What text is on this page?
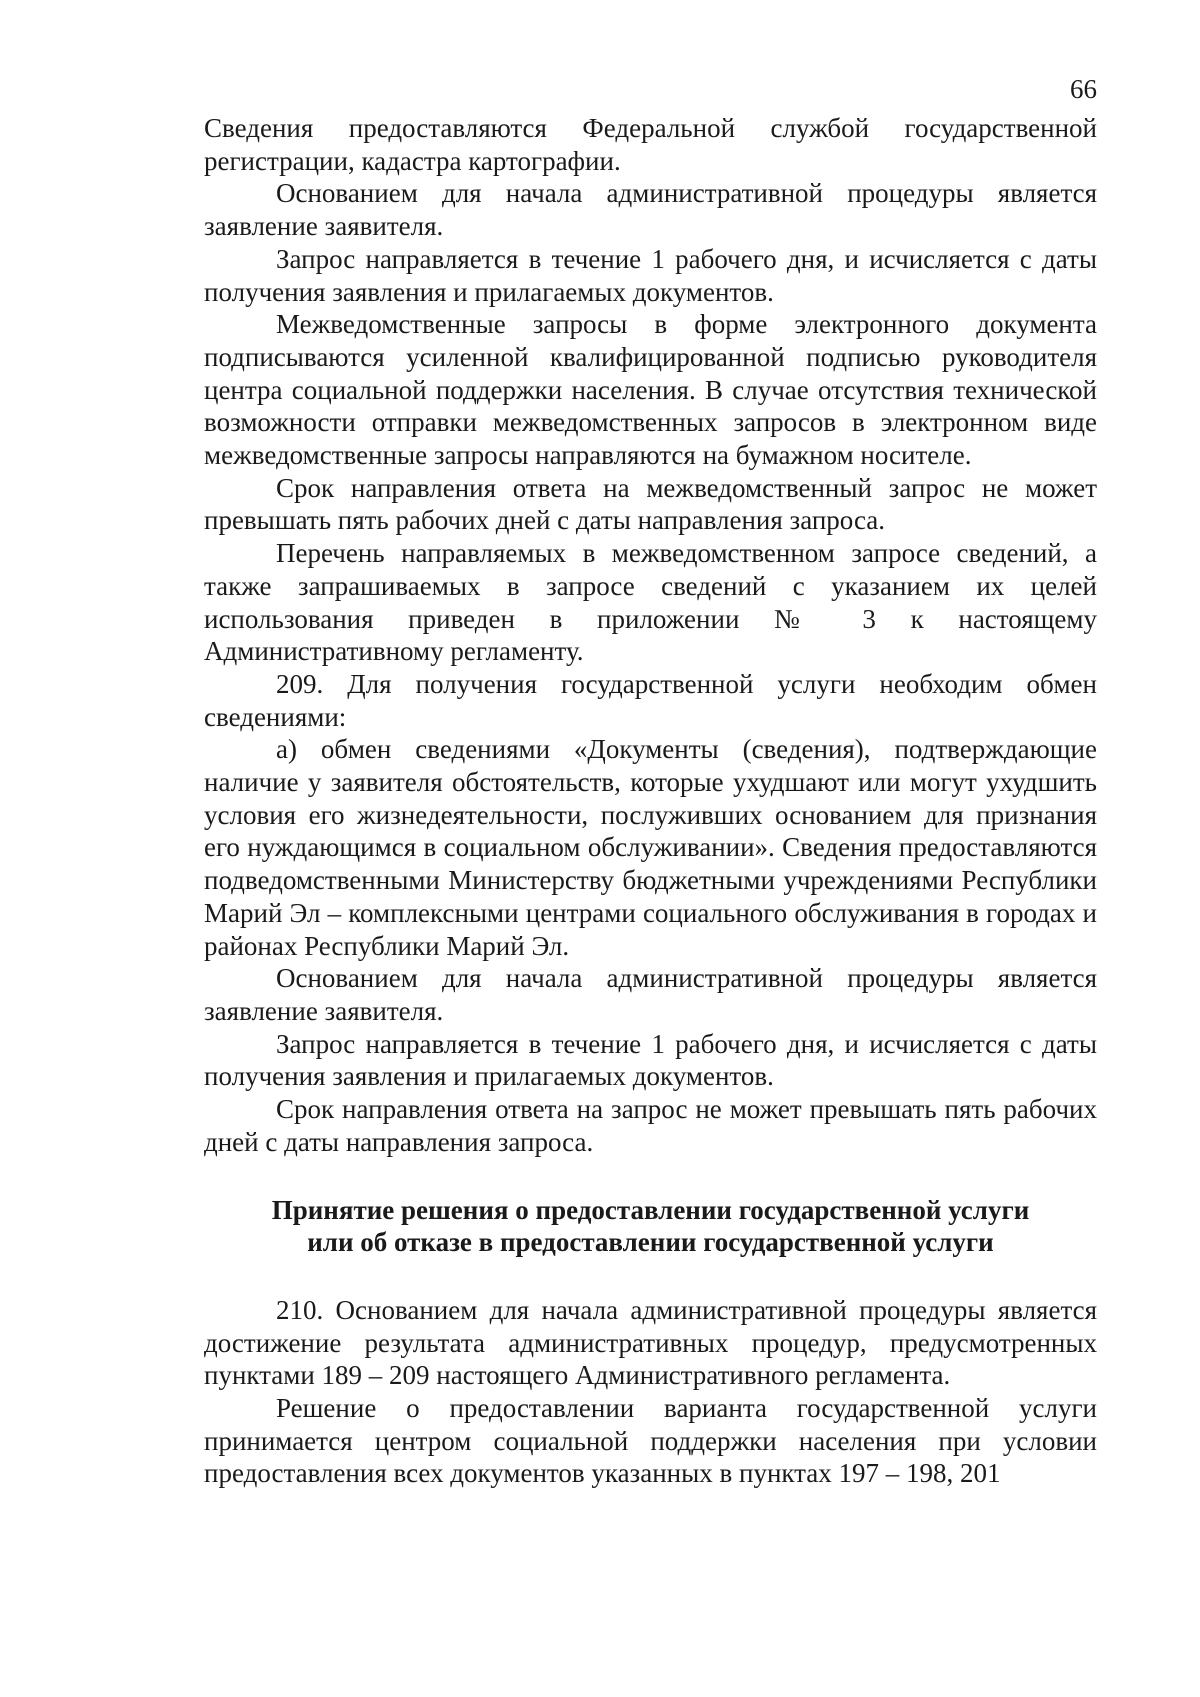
66

Сведения предоставляются Федеральной службой государственной регистрации, кадастра картографии.

Основанием для начала административной процедуры является заявление заявителя.

Запрос направляется в течение 1 рабочего дня, и исчисляется с даты получения заявления и прилагаемых документов.

Межведомственные запросы в форме электронного документа подписываются усиленной квалифицированной подписью руководителя центра социальной поддержки населения. В случае отсутствия технической возможности отправки межведомственных запросов в электронном виде межведомственные запросы направляются на бумажном носителе.

Срок направления ответа на межведомственный запрос не может превышать пять рабочих дней с даты направления запроса.

Перечень направляемых в межведомственном запросе сведений, а также запрашиваемых в запросе сведений с указанием их целей использования приведен в приложении № 3 к настоящему Административному регламенту.

209. Для получения государственной услуги необходим обмен сведениями:

а) обмен сведениями «Документы (сведения), подтверждающие наличие у заявителя обстоятельств, которые ухудшают или могут ухудшить условия его жизнедеятельности, послуживших основанием для признания его нуждающимся в социальном обслуживании». Сведения предоставляются подведомственными Министерству бюджетными учреждениями Республики Марий Эл – комплексными центрами социального обслуживания в городах и районах Республики Марий Эл.

Основанием для начала административной процедуры является заявление заявителя.

Запрос направляется в течение 1 рабочего дня, и исчисляется с даты получения заявления и прилагаемых документов.

Срок направления ответа на запрос не может превышать пять рабочих дней с даты направления запроса.

Принятие решения о предоставлении государственной услуги
или об отказе в предоставлении государственной услуги

210. Основанием для начала административной процедуры является достижение результата административных процедур, предусмотренных пунктами 189 – 209 настоящего Административного регламента.

Решение о предоставлении варианта государственной услуги принимается центром социальной поддержки населения при условии предоставления всех документов указанных в пунктах 197 – 198, 201
